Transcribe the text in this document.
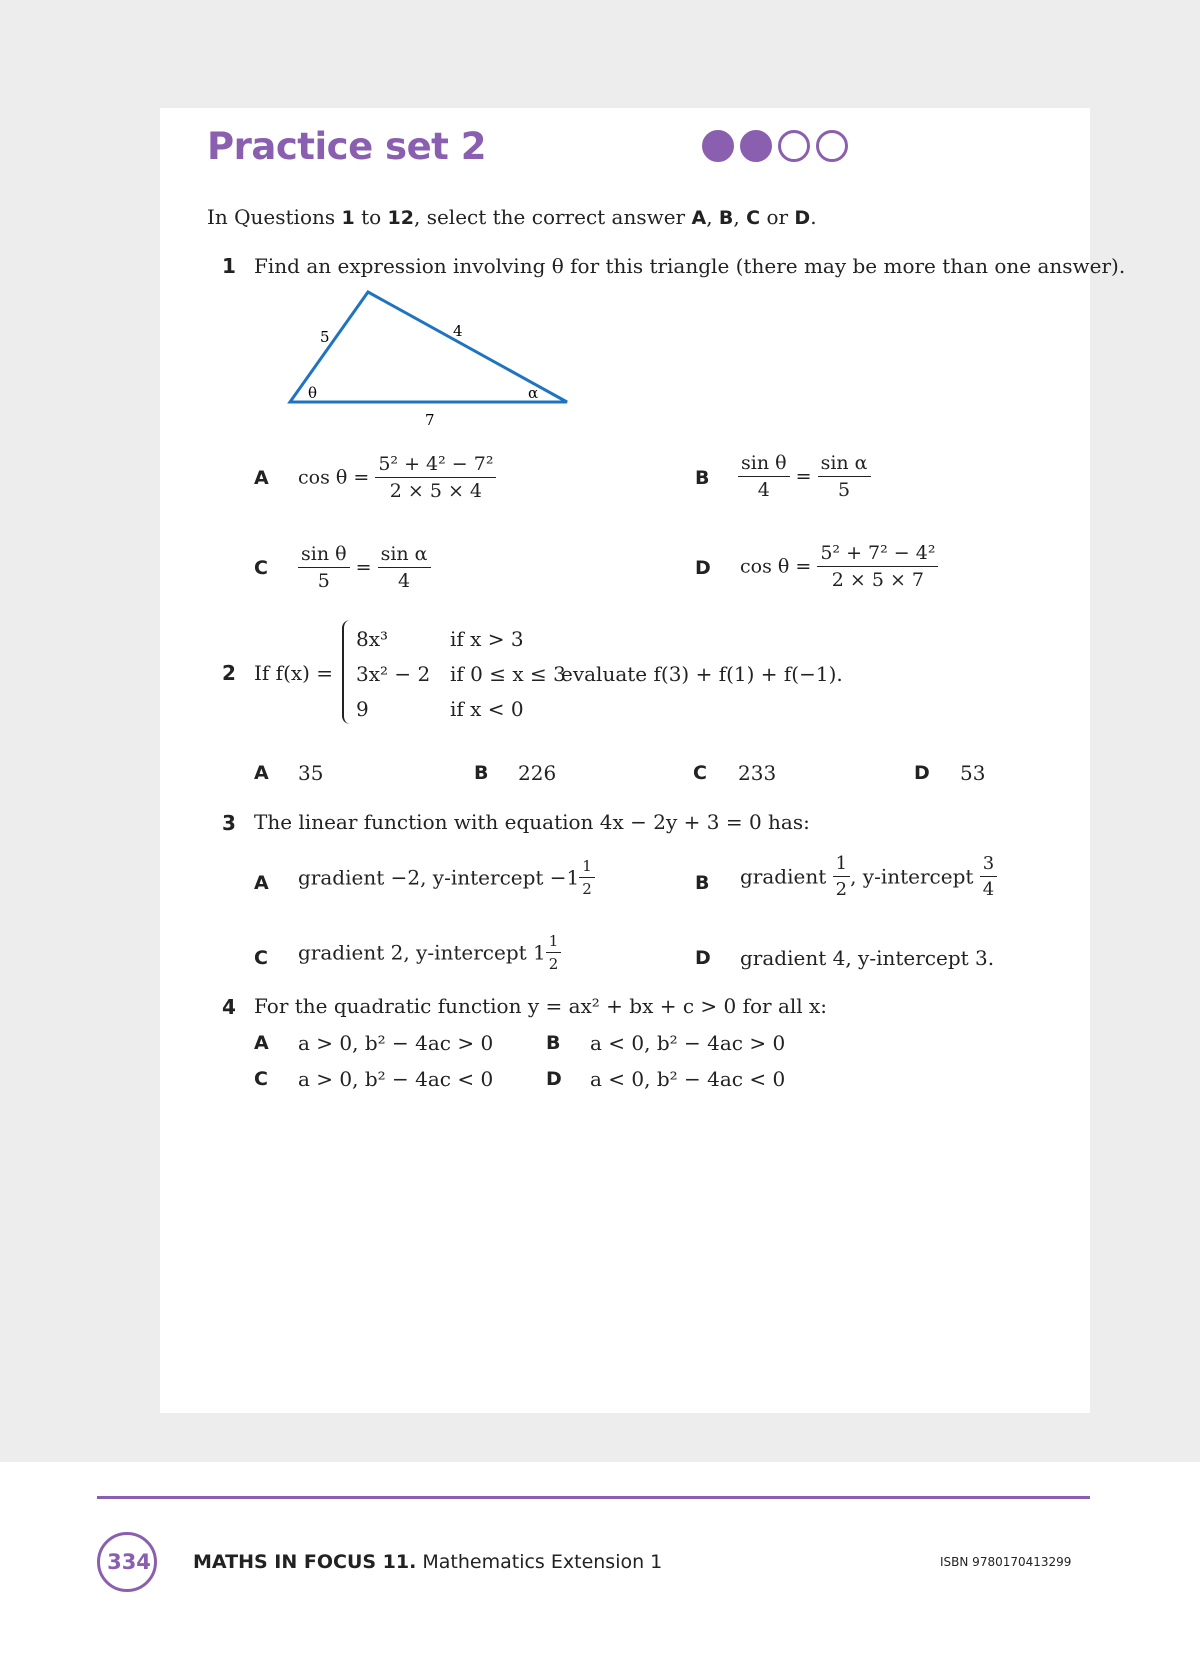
Practice set 2
In Questions 1 to 12, select the correct answer A, B, C or D.
1 Find an expression involving θ for this triangle (there may be more than one answer).
5	4
7
θ	α
A $\cos \theta = \frac{\text{5² + 4² − 7²}}{2 \times 5 \times 4}$	B $\frac{\text{sin θ}}{4} = \frac{\text{sin α}}{5}$
C $\frac{\text{sin θ}}{5} = \frac{\text{sin α}}{4}$	D $\cos \theta = \frac{\text{5² + 7² − 4²}}{2 \times 5 \times 7}$
2 If f(x) =
8x³	if x > 3
3x² − 2 if 0 ≤ x ≤ 3
9	if x < 0
evaluate f(3) + f(1) + f(−1).
A 35	B 226	C 233	D 53
3 The linear function with equation 4x − 2y + 3 = 0 has:
A gradient −2, y-intercept $-1 \frac{1}{2}$	B gradient $\frac{1}{2}$ , y-intercept $\frac{3}{4}$
C gradient 2, y-intercept $1 \frac{1}{2}$	D gradient 4, y-intercept 3.
4 For the quadratic function y = ax² + bx + c > 0 for all x:
A a > 0, b² − 4ac > 0	B a < 0, b² − 4ac > 0
C a > 0, b² − 4ac < 0	D a < 0, b² − 4ac < 0
334	MATHS IN FOCUS 11. Mathematics Extension 1	ISBN 9780170413299
